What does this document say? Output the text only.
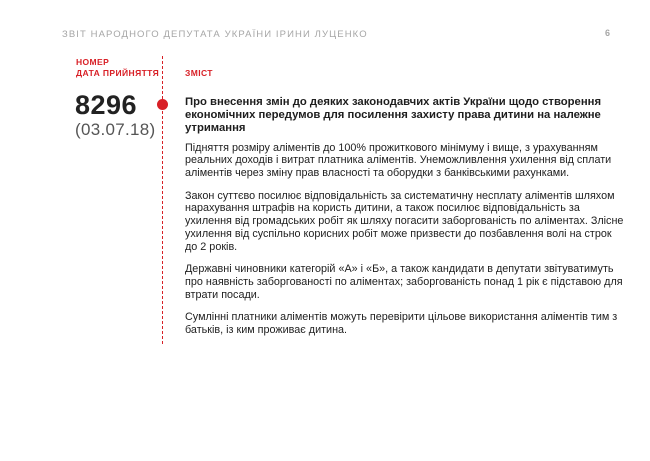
ЗВІТ НАРОДНОГО ДЕПУТАТА УКРАЇНИ ІРИНИ ЛУЦЕНКО	6
НОМЕР
ДАТА ПРИЙНЯТТЯ	ЗМІСТ
8296
(03.07.18)
Про внесення змін до деяких законодавчих актів України щодо створення економічних передумов для посилення захисту права дитини на належне утримання

Підняття розміру аліментів до 100% прожиткового мінімуму і вище, з урахуванням реальних доходів і витрат платника аліментів. Унеможливлення ухилення від сплати аліментів через зміну прав власності та оборудки з банківськими рахунками.

Закон суттєво посилює відповідальність за систематичну несплату аліментів шляхом нарахування штрафів на користь дитини, а також посилює відповідальність за ухилення від громадських робіт як шляху погасити заборгованість по аліментах. Злісне ухилення від суспільно корисних робіт може призвести до позбавлення волі на строк до 2 років.

Державні чиновники категорій «А» і «Б», а також кандидати в депутати звітуватимуть про наявність заборгованості по аліментах; заборгованість понад 1 рік є підставою для втрати посади.

Сумлінні платники аліментів можуть перевірити цільове використання аліментів тим з батьків, із ким проживає дитина.
